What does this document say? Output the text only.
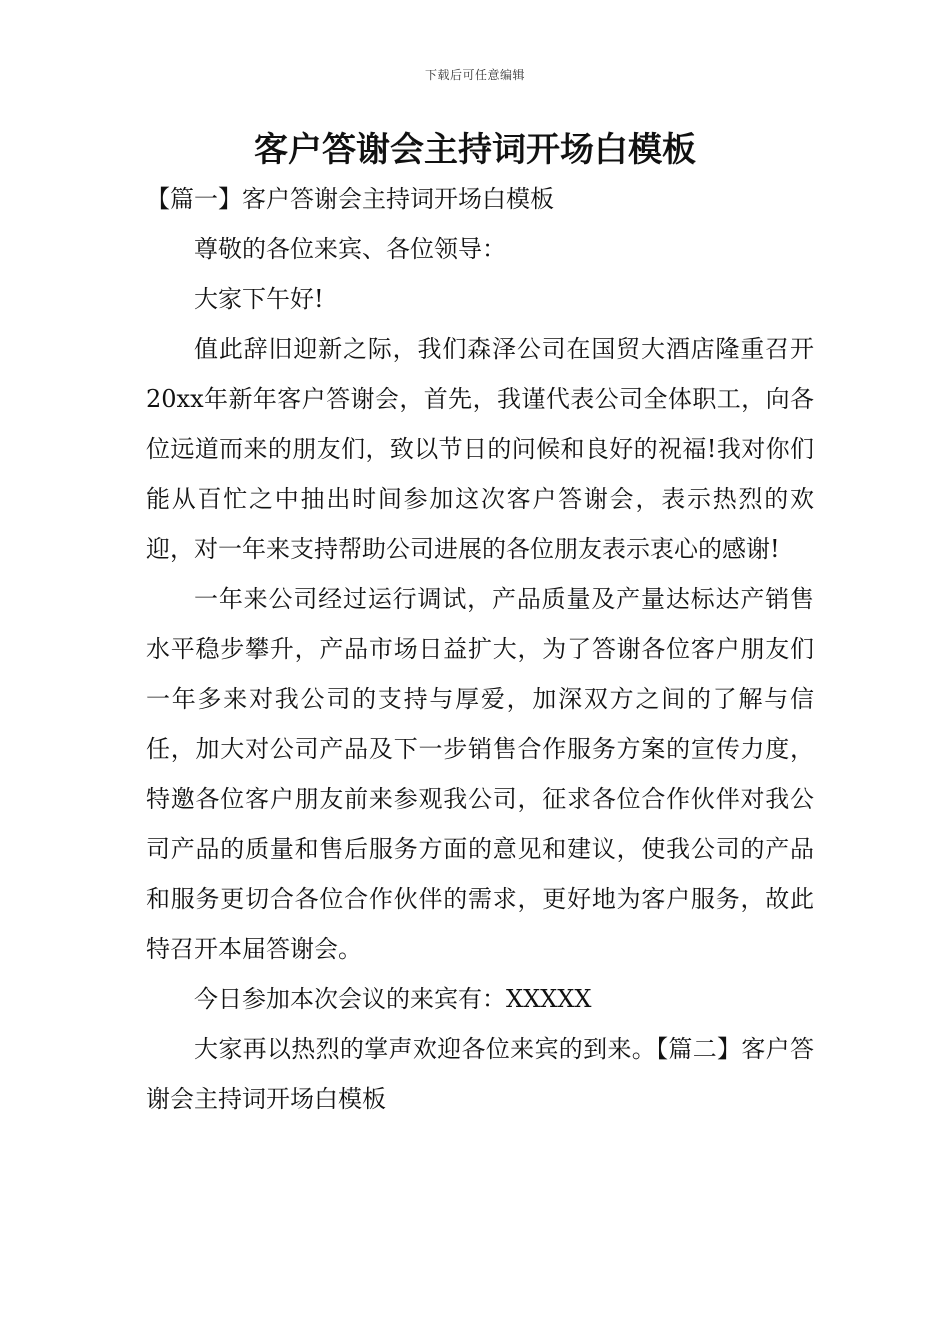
下载后可任意编辑
客户答谢会主持词开场白模板

【篇一】客户答谢会主持词开场白模板

尊敬的各位来宾、各位领导：

大家下午好!

值此辞旧迎新之际，我们森泽公司在国贸大酒店隆重召开20xx年新年客户答谢会，首先，我谨代表公司全体职工，向各位远道而来的朋友们，致以节日的问候和良好的祝福!我对你们能从百忙之中抽出时间参加这次客户答谢会，表示热烈的欢迎，对一年来支持帮助公司进展的各位朋友表示衷心的感谢!

一年来公司经过运行调试，产品质量及产量达标达产销售水平稳步攀升，产品市场日益扩大，为了答谢各位客户朋友们一年多来对我公司的支持与厚爱，加深双方之间的了解与信任，加大对公司产品及下一步销售合作服务方案的宣传力度，特邀各位客户朋友前来参观我公司，征求各位合作伙伴对我公司产品的质量和售后服务方面的意见和建议，使我公司的产品和服务更切合各位合作伙伴的需求，更好地为客户服务，故此特召开本届答谢会。

今日参加本次会议的来宾有：XXXXX

大家再以热烈的掌声欢迎各位来宾的到来。【篇二】客户答谢会主持词开场白模板
